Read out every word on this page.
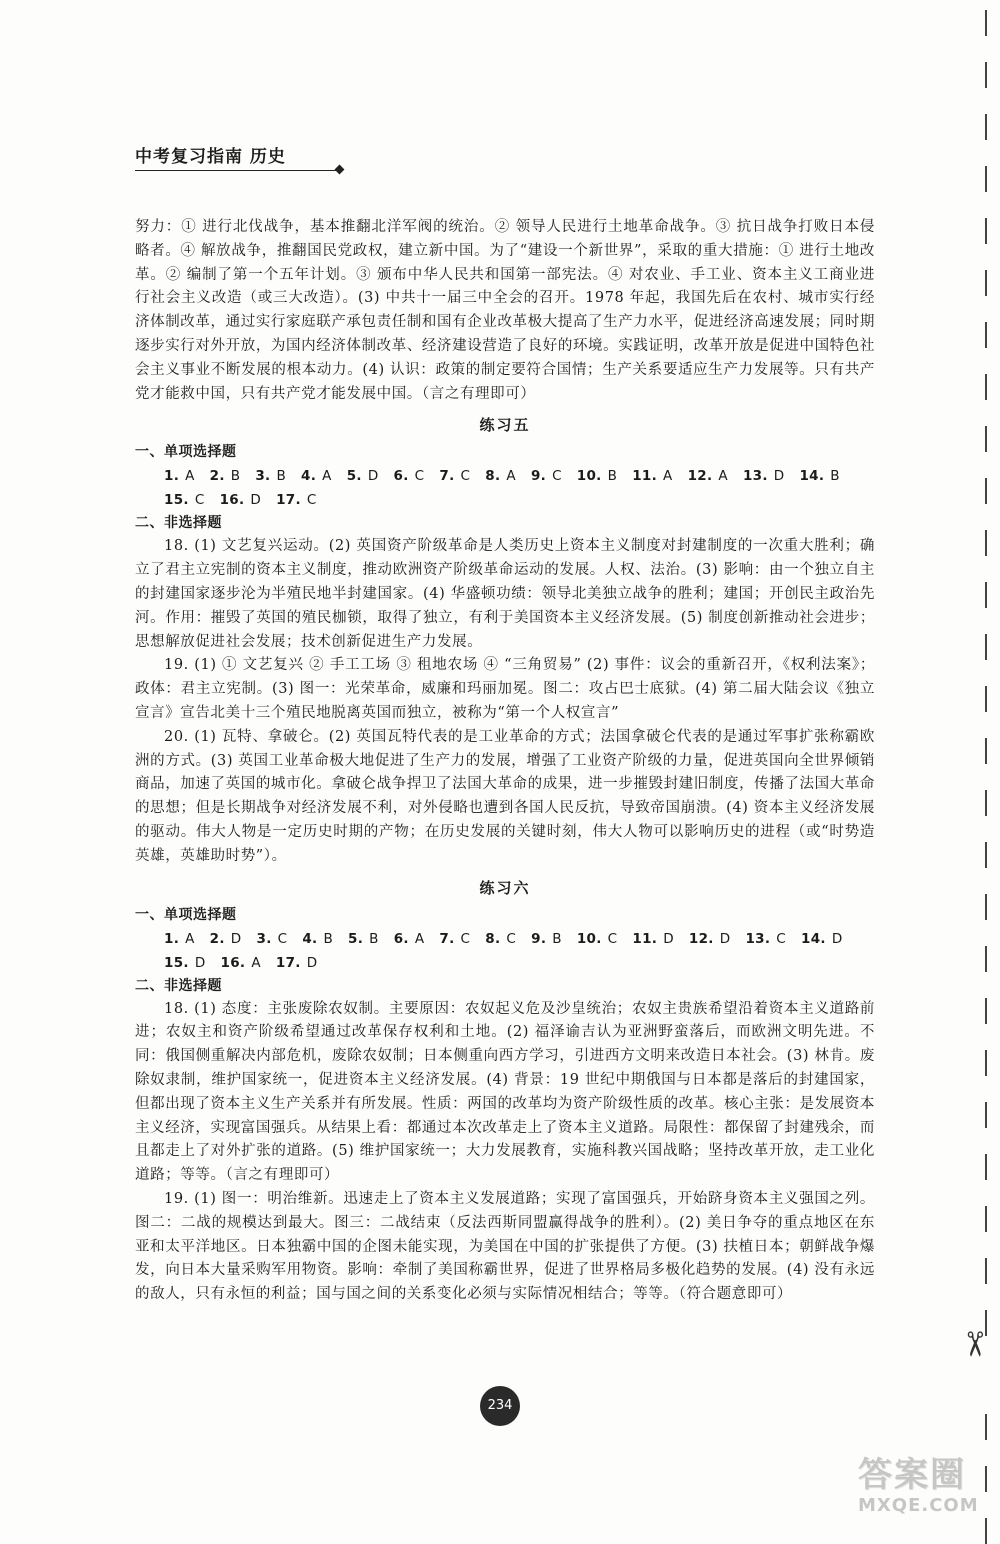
中考复习指南 历史

努力：① 进行北伐战争，基本推翻北洋军阀的统治。② 领导人民进行土地革命战争。③ 抗日战争打败日本侵略者。④ 解放战争，推翻国民党政权，建立新中国。为了“建设一个新世界”，采取的重大措施：① 进行土地改革。② 编制了第一个五年计划。③ 颁布中华人民共和国第一部宪法。④ 对农业、手工业、资本主义工商业进行社会主义改造（或三大改造）。(3) 中共十一届三中全会的召开。1978 年起，我国先后在农村、城市实行经济体制改革，通过实行家庭联产承包责任制和国有企业改革极大提高了生产力水平，促进经济高速发展；同时期逐步实行对外开放，为国内经济体制改革、经济建设营造了良好的环境。实践证明，改革开放是促进中国特色社会主义事业不断发展的根本动力。(4) 认识：政策的制定要符合国情；生产关系要适应生产力发展等。只有共产党才能救中国，只有共产党才能发展中国。（言之有理即可）

练习五
一、单项选择题
1. A 2. B 3. B 4. A 5. D 6. C 7. C 8. A 9. C 10. B 11. A 12. A 13. D 14. B15. C 16. D 17. C
二、非选择题

18. (1) 文艺复兴运动。(2) 英国资产阶级革命是人类历史上资本主义制度对封建制度的一次重大胜利；确立了君主立宪制的资本主义制度，推动欧洲资产阶级革命运动的发展。人权、法治。(3) 影响：由一个独立自主的封建国家逐步沦为半殖民地半封建国家。(4) 华盛顿功绩：领导北美独立战争的胜利；建国；开创民主政治先河。作用：摧毁了英国的殖民枷锁，取得了独立，有利于美国资本主义经济发展。(5) 制度创新推动社会进步；思想解放促进社会发展；技术创新促进生产力发展。

19. (1) ① 文艺复兴 ② 手工工场 ③ 租地农场 ④ “三角贸易” (2) 事件：议会的重新召开，《权利法案》；政体：君主立宪制。(3) 图一：光荣革命，威廉和玛丽加冕。图二：攻占巴士底狱。(4) 第二届大陆会议《独立宣言》宣告北美十三个殖民地脱离英国而独立，被称为“第一个人权宣言”

20. (1) 瓦特、拿破仑。(2) 英国瓦特代表的是工业革命的方式；法国拿破仑代表的是通过军事扩张称霸欧洲的方式。(3) 英国工业革命极大地促进了生产力的发展，增强了工业资产阶级的力量，促进英国向全世界倾销商品，加速了英国的城市化。拿破仑战争捍卫了法国大革命的成果，进一步摧毁封建旧制度，传播了法国大革命的思想；但是长期战争对经济发展不利，对外侵略也遭到各国人民反抗，导致帝国崩溃。(4) 资本主义经济发展的驱动。伟大人物是一定历史时期的产物；在历史发展的关键时刻，伟大人物可以影响历史的进程（或“时势造英雄，英雄助时势”）。

练习六
一、单项选择题
1. A 2. D 3. C 4. B 5. B 6. A 7. C 8. C 9. B 10. C 11. D 12. D 13. C 14. D15. D 16. A 17. D
二、非选择题

18. (1) 态度：主张废除农奴制。主要原因：农奴起义危及沙皇统治；农奴主贵族希望沿着资本主义道路前进；农奴主和资产阶级希望通过改革保存权利和土地。(2) 福泽谕吉认为亚洲野蛮落后，而欧洲文明先进。不同：俄国侧重解决内部危机，废除农奴制；日本侧重向西方学习，引进西方文明来改造日本社会。(3) 林肯。废除奴隶制，维护国家统一，促进资本主义经济发展。(4) 背景：19 世纪中期俄国与日本都是落后的封建国家，但都出现了资本主义生产关系并有所发展。性质：两国的改革均为资产阶级性质的改革。核心主张：是发展资本主义经济，实现富国强兵。从结果上看：都通过本次改革走上了资本主义道路。局限性：都保留了封建残余，而且都走上了对外扩张的道路。(5) 维护国家统一；大力发展教育，实施科教兴国战略；坚持改革开放，走工业化道路；等等。（言之有理即可）

19. (1) 图一：明治维新。迅速走上了资本主义发展道路；实现了富国强兵，开始跻身资本主义强国之列。图二：二战的规模达到最大。图三：二战结束（反法西斯同盟赢得战争的胜利）。(2) 美日争夺的重点地区在东亚和太平洋地区。日本独霸中国的企图未能实现，为美国在中国的扩张提供了方便。(3) 扶植日本；朝鲜战争爆发，向日本大量采购军用物资。影响：牵制了美国称霸世界，促进了世界格局多极化趋势的发展。(4) 没有永远的敌人，只有永恒的利益；国与国之间的关系变化必须与实际情况相结合；等等。（符合题意即可）

234
✂
答案圈
MXQE.COM
